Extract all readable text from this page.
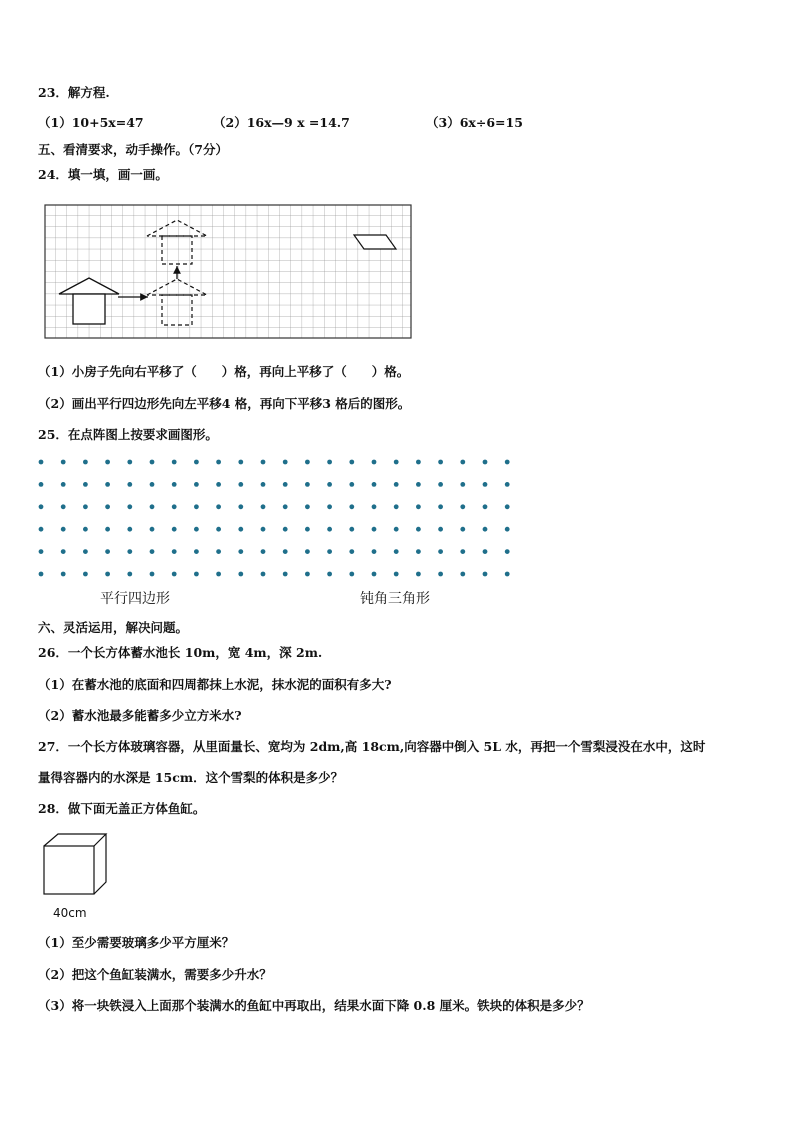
23．解方程.
（1）10+5x=47	（2）16x—9 x =14.7	（3）6x÷6=15
五、看清要求，动手操作。（7分）
24．填一填，画一画。
（1）小房子先向右平移了（　　）格，再向上平移了（　　）格。
（2）画出平行四边形先向左平移4 格，再向下平移3 格后的图形。
25．在点阵图上按要求画图形。
平行四边形	钝角三角形
六、灵活运用，解决问题。
26．一个长方体蓄水池长 10m，宽 4m，深 2m.
（1）在蓄水池的底面和四周都抹上水泥，抹水泥的面积有多大?
（2）蓄水池最多能蓄多少立方米水?
27．一个长方体玻璃容器，从里面量长、宽均为 2dm,高 18cm,向容器中倒入 5L 水，再把一个雪梨浸没在水中，这时
量得容器内的水深是 15cm．这个雪梨的体积是多少？
28．做下面无盖正方体鱼缸。
40cm
（1）至少需要玻璃多少平方厘米？
（2）把这个鱼缸装满水，需要多少升水？
（3）将一块铁浸入上面那个装满水的鱼缸中再取出，结果水面下降 0.8 厘米。铁块的体积是多少？
